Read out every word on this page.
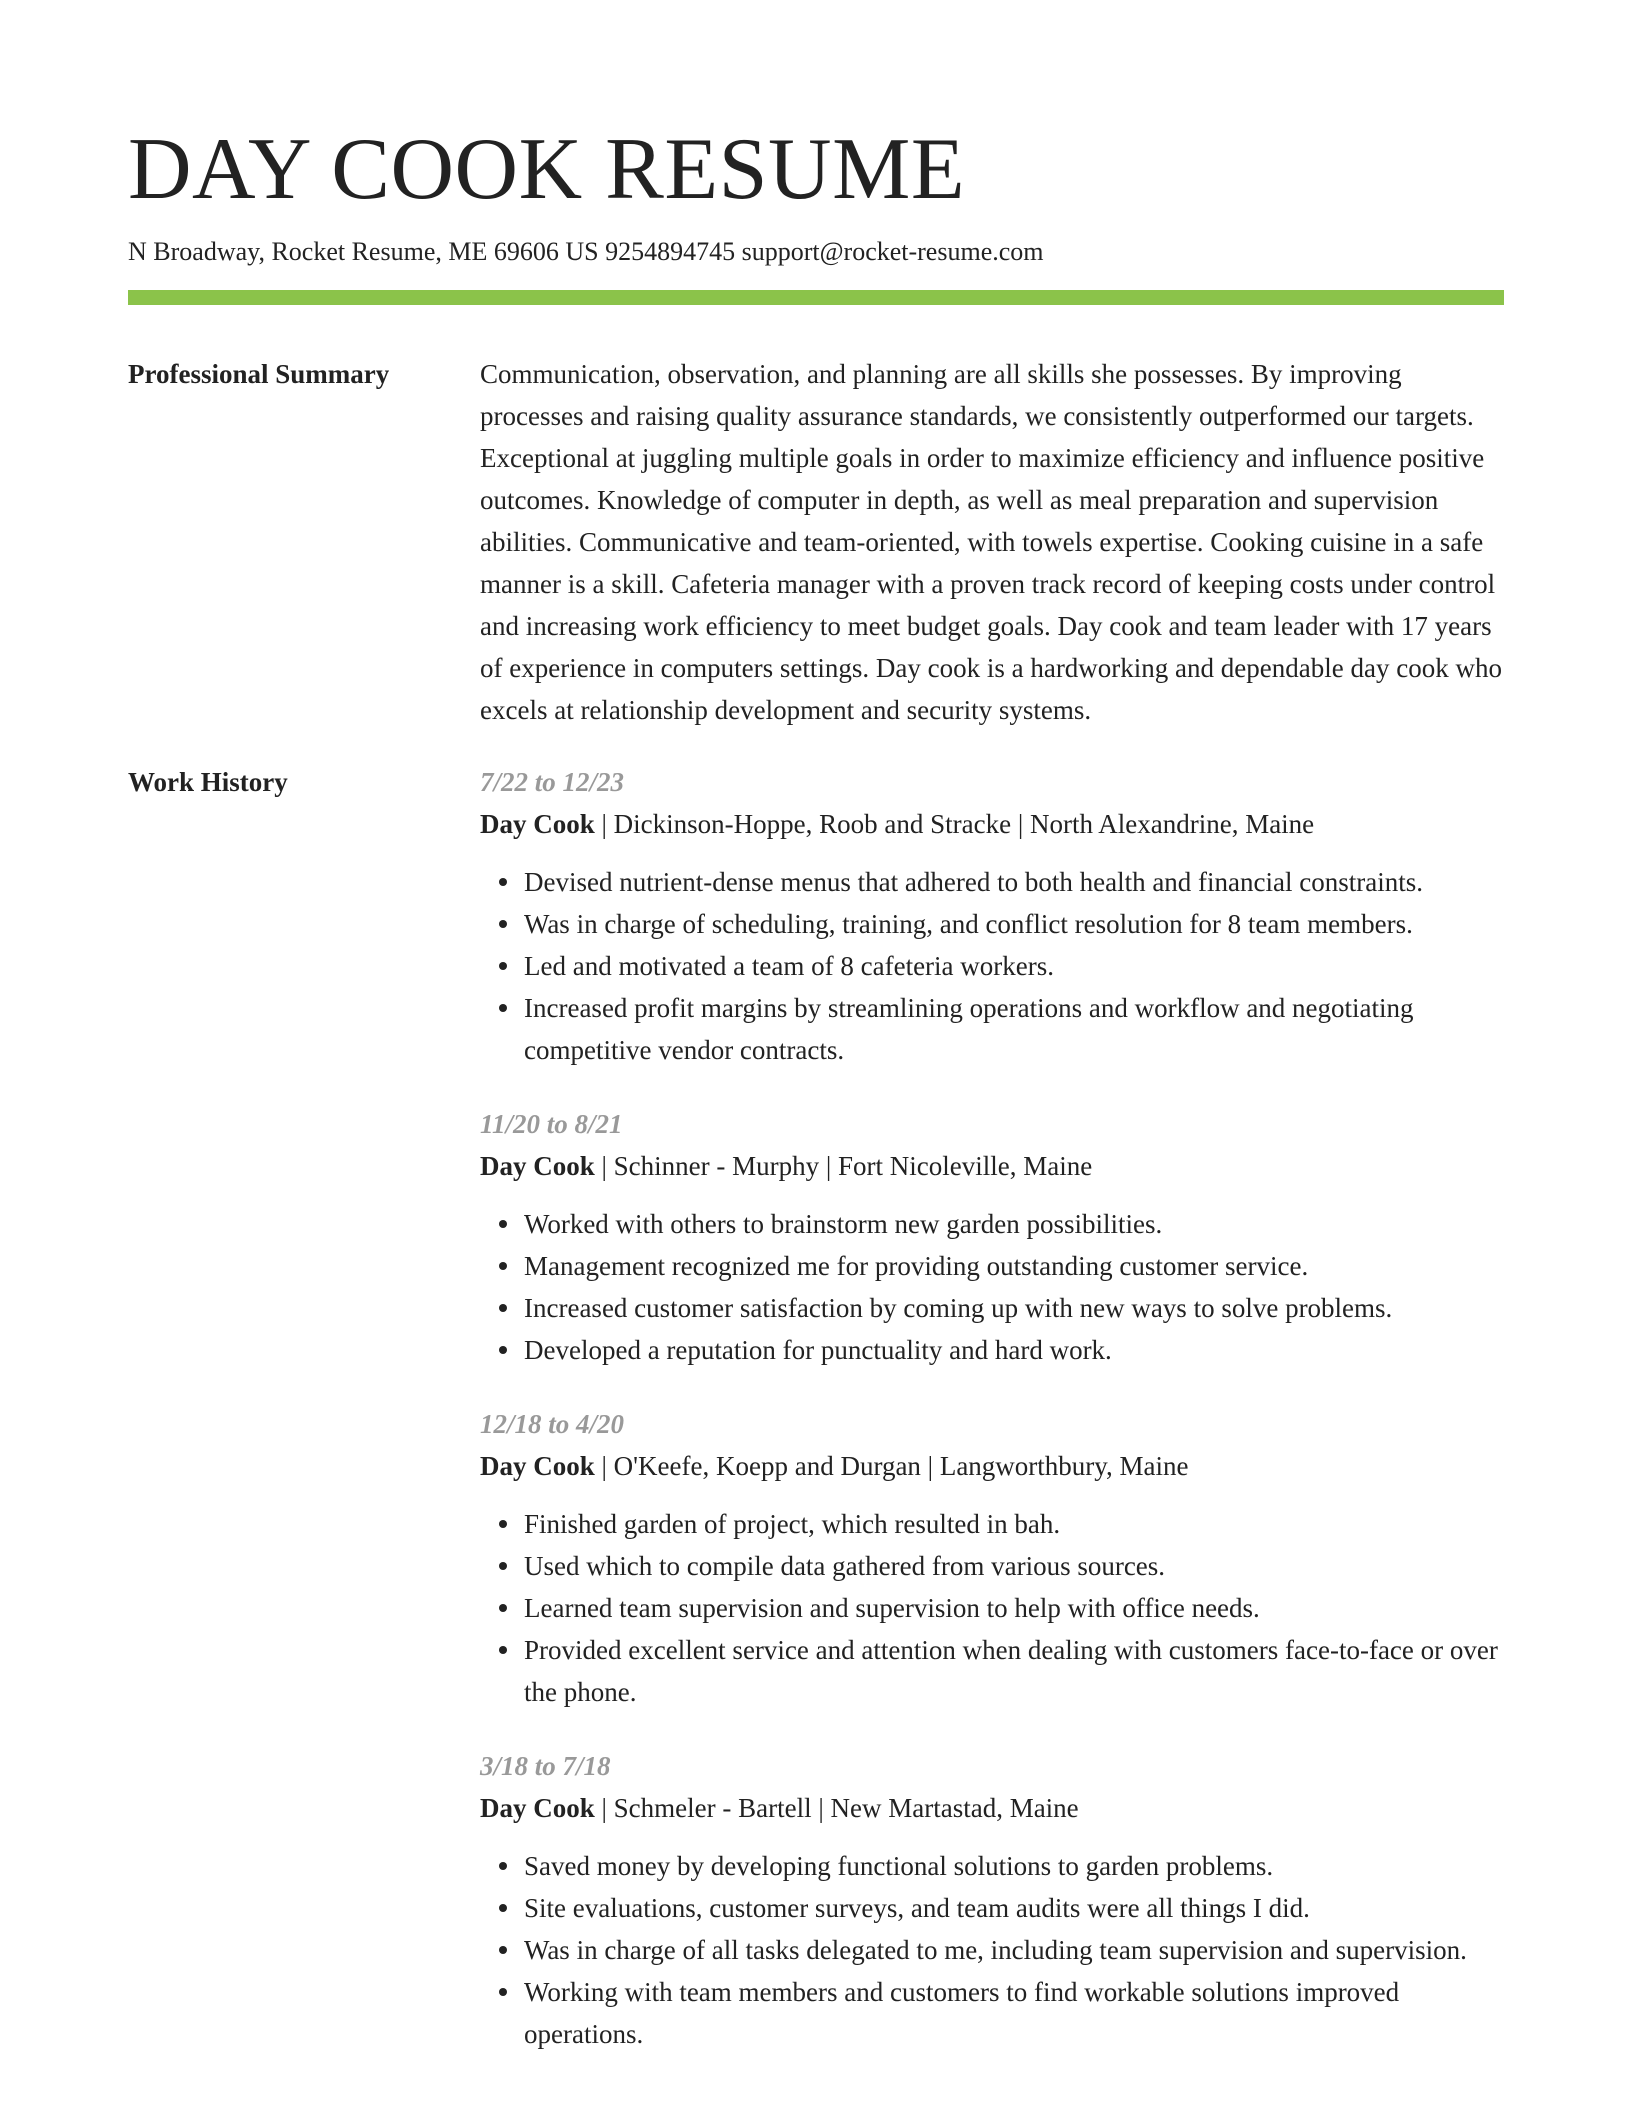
DAY COOK RESUME
N Broadway, Rocket Resume, ME 69606 US 9254894745 support@rocket-resume.com
Professional Summary	Communication, observation, and planning are all skills she possesses. By improving processes and raising quality assurance standards, we consistently outperformed our targets. Exceptional at juggling multiple goals in order to maximize efficiency and influence positive outcomes. Knowledge of computer in depth, as well as meal preparation and supervision abilities. Communicative and team-oriented, with towels expertise. Cooking cuisine in a safe manner is a skill. Cafeteria manager with a proven track record of keeping costs under control and increasing work efficiency to meet budget goals. Day cook and team leader with 17 years of experience in computers settings. Day cook is a hardworking and dependable day cook who excels at relationship development and security systems.
Work History	7/22 to 12/23
Day Cook | Dickinson-Hoppe, Roob and Stracke | North Alexandrine, Maine
Devised nutrient-dense menus that adhered to both health and financial constraints.
Was in charge of scheduling, training, and conflict resolution for 8 team members.
Led and motivated a team of 8 cafeteria workers.
Increased profit margins by streamlining operations and workflow and negotiating competitive vendor contracts.
11/20 to 8/21
Day Cook | Schinner - Murphy | Fort Nicoleville, Maine
Worked with others to brainstorm new garden possibilities.
Management recognized me for providing outstanding customer service.
Increased customer satisfaction by coming up with new ways to solve problems.
Developed a reputation for punctuality and hard work.
12/18 to 4/20
Day Cook | O'Keefe, Koepp and Durgan | Langworthbury, Maine
Finished garden of project, which resulted in bah.
Used which to compile data gathered from various sources.
Learned team supervision and supervision to help with office needs.
Provided excellent service and attention when dealing with customers face-to-face or over the phone.
3/18 to 7/18
Day Cook | Schmeler - Bartell | New Martastad, Maine
Saved money by developing functional solutions to garden problems.
Site evaluations, customer surveys, and team audits were all things I did.
Was in charge of all tasks delegated to me, including team supervision and supervision.
Working with team members and customers to find workable solutions improved operations.
